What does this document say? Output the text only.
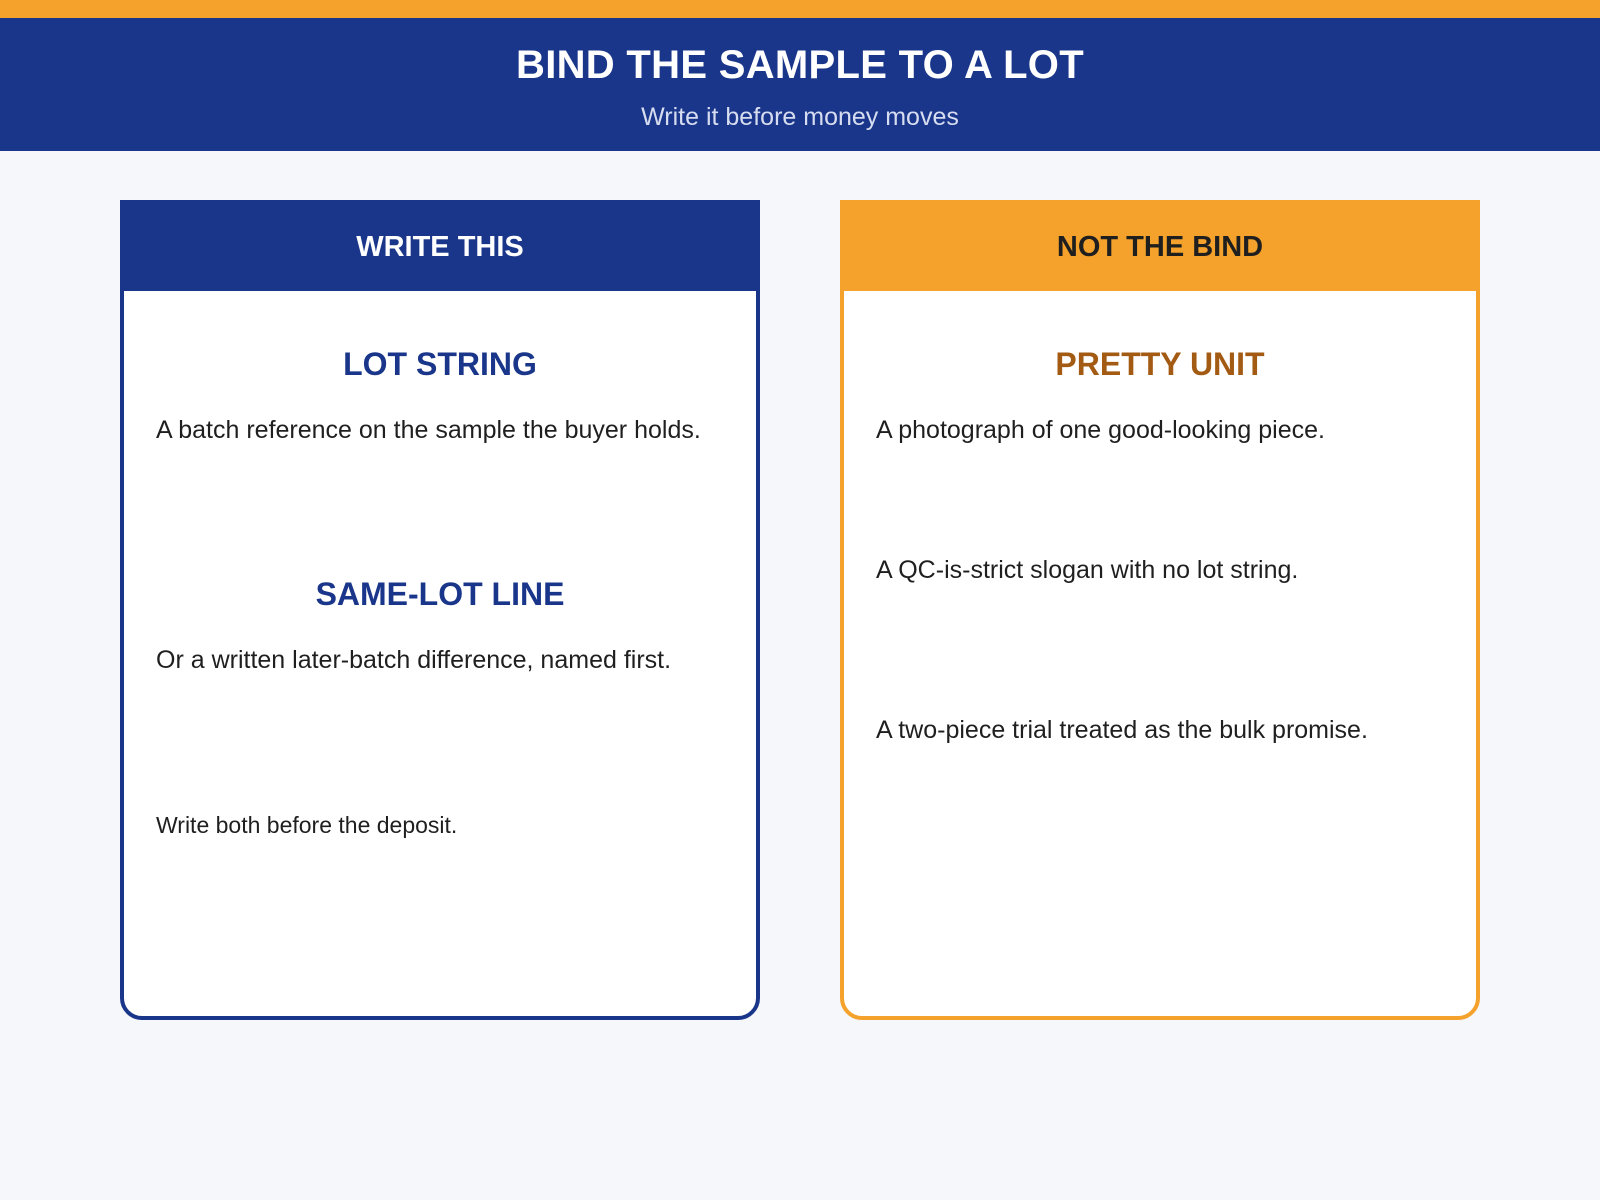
BIND THE SAMPLE TO A LOT
Write it before money moves
WRITE THIS
LOT STRING
A batch reference on the sample the buyer holds.
SAME-LOT LINE
Or a written later-batch difference, named first.
Write both before the deposit.
NOT THE BIND
PRETTY UNIT
A photograph of one good-looking piece.
A QC-is-strict slogan with no lot string.
A two-piece trial treated as the bulk promise.
